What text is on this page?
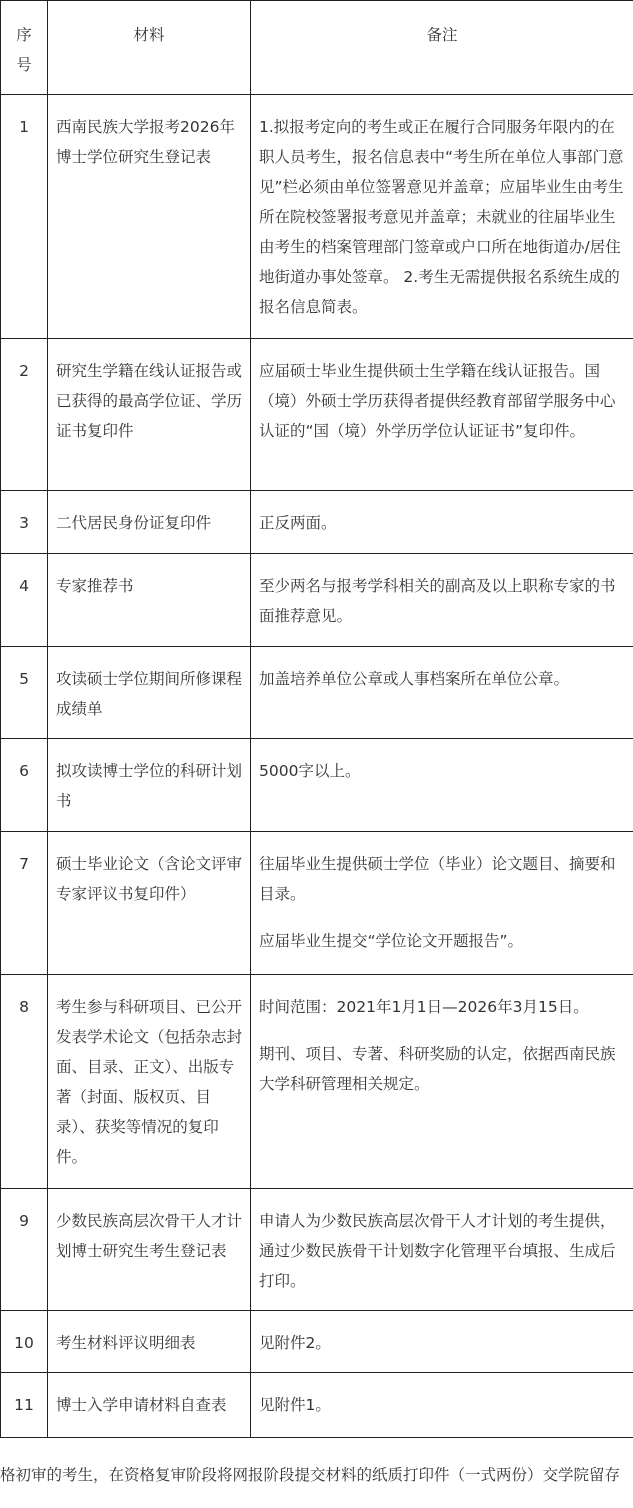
序号	材料	备注
1	西南民族大学报考2026年博士学位研究生登记表	1.拟报考定向的考生或正在履行合同服务年限内的在职人员考生，报名信息表中“考生所在单位人事部门意见”栏必须由单位签署意见并盖章；应届毕业生由考生所在院校签署报考意见并盖章；未就业的往届毕业生由考生的档案管理部门签章或户口所在地街道办/居住地街道办事处签章。 2.考生无需提供报名系统生成的报名信息简表。

2	研究生学籍在线认证报告或已获得的最高学位证、学历证书复印件	应届硕士毕业生提供硕士生学籍在线认证报告。国（境）外硕士学历获得者提供经教育部留学服务中心认证的“国（境）外学历学位认证证书”复印件。

3	二代居民身份证复印件	正反两面。

4	专家推荐书	至少两名与报考学科相关的副高及以上职称专家的书面推荐意见。

5	攻读硕士学位期间所修课程成绩单	加盖培养单位公章或人事档案所在单位公章。

6	拟攻读博士学位的科研计划书	5000字以上。

7	硕士毕业论文（含论文评审专家评议书复印件）	往届毕业生提供硕士学位（毕业）论文题目、摘要和目录。

应届毕业生提交“学位论文开题报告”。

8	考生参与科研项目、已公开发表学术论文（包括杂志封面、目录、正文）、出版专著（封面、版权页、目录）、获奖等情况的复印件。	时间范围：2021年1月1日—2026年3月15日。

期刊、项目、专著、科研奖励的认定，依据西南民族大学科研管理相关规定。

9	少数民族高层次骨干人才计划博士研究生考生登记表	申请人为少数民族高层次骨干人才计划的考生提供，通过少数民族骨干计划数字化管理平台填报、生成后打印。

10	考生材料评议明细表	见附件2。

11	博士入学申请材料自查表	见附件1。

格初审的考生，在资格复审阶段将网报阶段提交材料的纸质打印件（一式两份）交学院留存
